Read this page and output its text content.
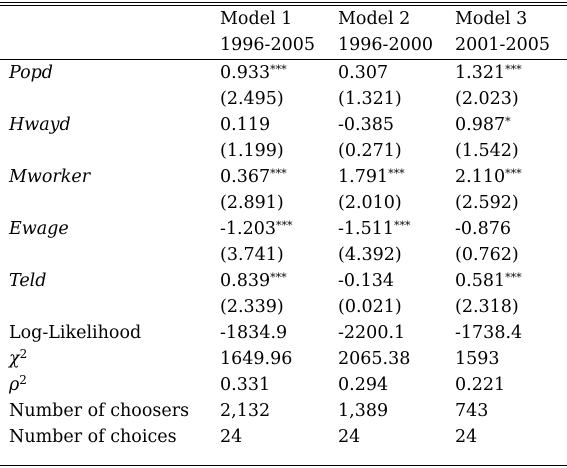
	Model 1	Model 2	Model 3
	1996-2005	1996-2000	2001-2005
Popd	0.933***	0.307	1.321***
	(2.495)	(1.321)	(2.023)
Hwayd	0.119	-0.385	0.987*
	(1.199)	(0.271)	(1.542)
Mworker	0.367***	1.791***	2.110***
	(2.891)	(2.010)	(2.592)
Ewage	-1.203***	-1.511***	-0.876
	(3.741)	(4.392)	(0.762)
Teld	0.839***	-0.134	0.581***
	(2.339)	(0.021)	(2.318)
Log-Likelihood	-1834.9	-2200.1	-1738.4
$\chi^2$	1649.96	2065.38	1593
$\rho^2$	0.331	0.294	0.221
Number of choosers	2,132	1,389	743
Number of choices	24	24	24
